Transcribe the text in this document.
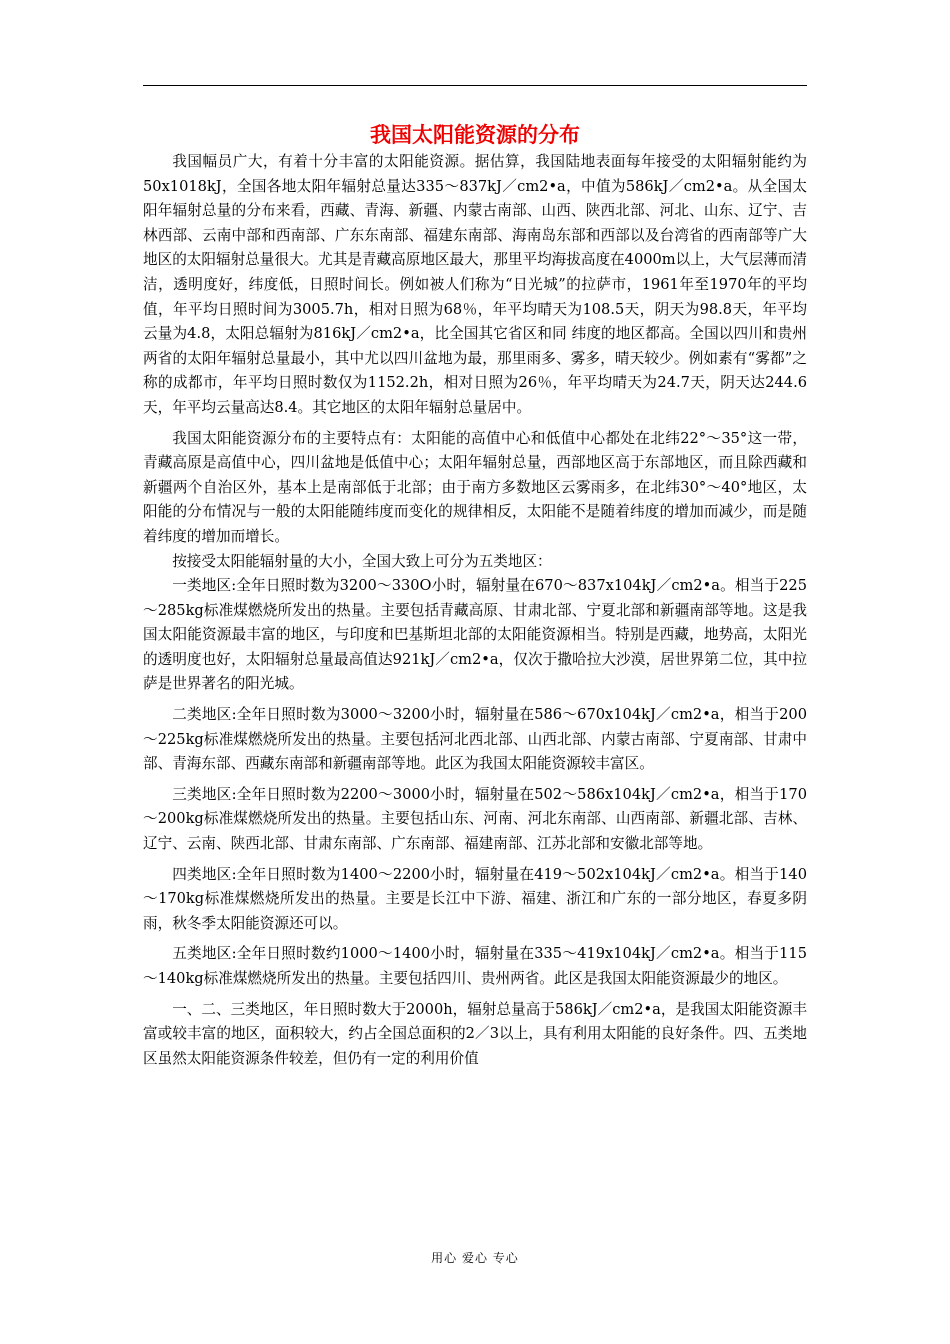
我国太阳能资源的分布

我国幅员广大，有着十分丰富的太阳能资源。据估算，我国陆地表面每年接受的太阳辐射能约为50x1018kJ，全国各地太阳年辐射总量达335～837kJ／cm2•a，中值为586kJ／cm2•a。从全国太阳年辐射总量的分布来看，西藏、青海、新疆、内蒙古南部、山西、陕西北部、河北、山东、辽宁、吉林西部、云南中部和西南部、广东东南部、福建东南部、海南岛东部和西部以及台湾省的西南部等广大地区的太阳辐射总量很大。尤其是青藏高原地区最大，那里平均海拔高度在4000m以上，大气层薄而清洁，透明度好，纬度低，日照时间长。例如被人们称为“日光城”的拉萨市，1961年至1970年的平均值，年平均日照时间为3005.7h，相对日照为68％，年平均晴天为108.5天，阴天为98.8天，年平均云量为4.8，太阳总辐射为816kJ／cm2•a，比全国其它省区和同 纬度的地区都高。全国以四川和贵州两省的太阳年辐射总量最小，其中尤以四川盆地为最，那里雨多、雾多，晴天较少。例如素有“雾都”之称的成都市，年平均日照时数仅为1152.2h，相对日照为26％，年平均晴天为24.7天，阴天达244.6天，年平均云量高达8.4。其它地区的太阳年辐射总量居中。

我国太阳能资源分布的主要特点有：太阳能的高值中心和低值中心都处在北纬22°～35°这一带，青藏高原是高值中心，四川盆地是低值中心；太阳年辐射总量，西部地区高于东部地区，而且除西藏和新疆两个自治区外，基本上是南部低于北部；由于南方多数地区云雾雨多，在北纬30°～40°地区，太阳能的分布情况与一般的太阳能随纬度而变化的规律相反，太阳能不是随着纬度的增加而减少，而是随着纬度的增加而增长。

按接受太阳能辐射量的大小，全国大致上可分为五类地区：

一类地区:全年日照时数为3200～330O小时，辐射量在670～837x104kJ／cm2•a。相当于225～285kg标准煤燃烧所发出的热量。主要包括青藏高原、甘肃北部、宁夏北部和新疆南部等地。这是我国太阳能资源最丰富的地区，与印度和巴基斯坦北部的太阳能资源相当。特别是西藏，地势高，太阳光的透明度也好，太阳辐射总量最高值达921kJ／cm2•a，仅次于撒哈拉大沙漠，居世界第二位，其中拉萨是世界著名的阳光城。

二类地区:全年日照时数为3000～3200小时，辐射量在586～670x104kJ／cm2•a，相当于200～225kg标准煤燃烧所发出的热量。主要包括河北西北部、山西北部、内蒙古南部、宁夏南部、甘肃中部、青海东部、西藏东南部和新疆南部等地。此区为我国太阳能资源较丰富区。

三类地区:全年日照时数为2200～3000小时，辐射量在502～586x104kJ／cm2•a，相当于170～200kg标准煤燃烧所发出的热量。主要包括山东、河南、河北东南部、山西南部、新疆北部、吉林、辽宁、云南、陕西北部、甘肃东南部、广东南部、福建南部、江苏北部和安徽北部等地。

四类地区:全年日照时数为1400～2200小时，辐射量在419～502x104kJ／cm2•a。相当于140～170kg标准煤燃烧所发出的热量。主要是长江中下游、福建、浙江和广东的一部分地区，春夏多阴雨，秋冬季太阳能资源还可以。

五类地区:全年日照时数约1000～1400小时，辐射量在335～419x104kJ／cm2•a。相当于115～140kg标准煤燃烧所发出的热量。主要包括四川、贵州两省。此区是我国太阳能资源最少的地区。

一、二、三类地区，年日照时数大于2000h，辐射总量高于586kJ／cm2•a，是我国太阳能资源丰富或较丰富的地区，面积较大，约占全国总面积的2／3以上，具有利用太阳能的良好条件。四、五类地区虽然太阳能资源条件较差，但仍有一定的利用价值

用心 爱心 专心
